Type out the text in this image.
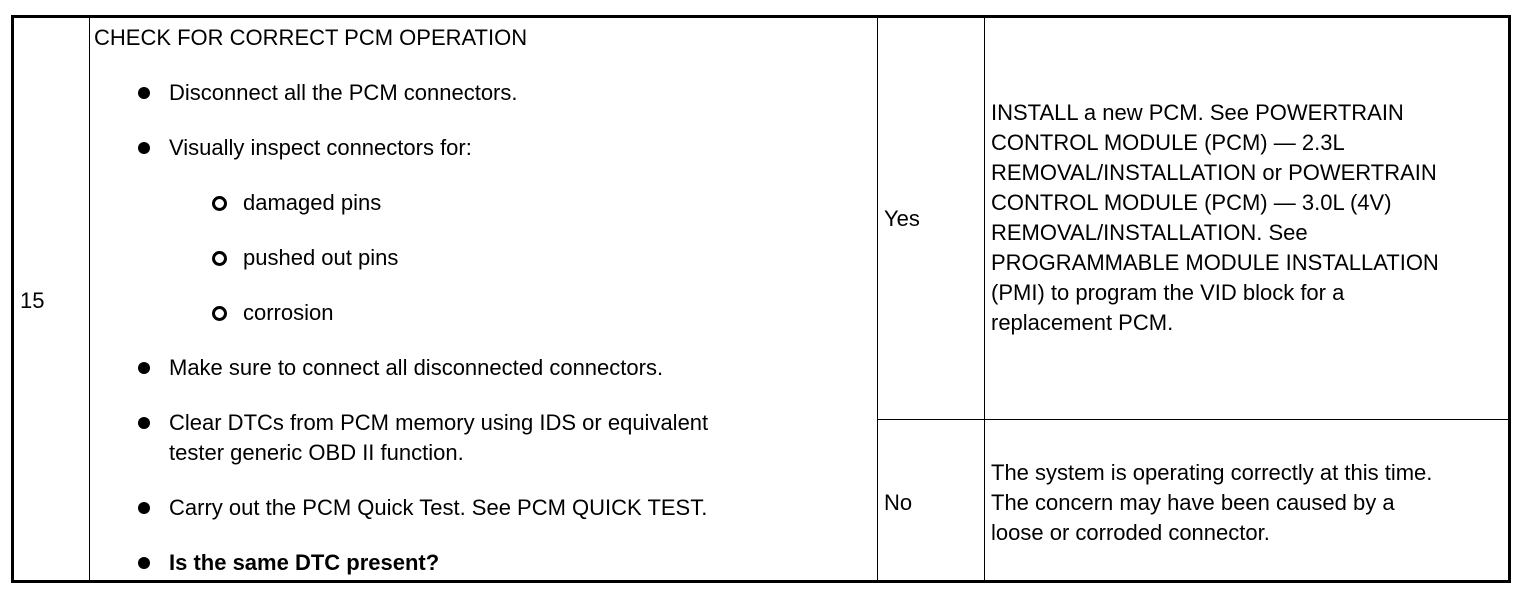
15
CHECK FOR CORRECT PCM OPERATION
Disconnect all the PCM connectors.
Visually inspect connectors for:
damaged pins
pushed out pins
corrosion
Make sure to connect all disconnected connectors.
Clear DTCs from PCM memory using IDS or equivalent
tester generic OBD II function.
Carry out the PCM Quick Test. See PCM QUICK TEST.
Is the same DTC present?
Yes
No
INSTALL a new PCM. See POWERTRAIN
CONTROL MODULE (PCM) — 2.3L
REMOVAL/INSTALLATION or POWERTRAIN
CONTROL MODULE (PCM) — 3.0L (4V)
REMOVAL/INSTALLATION. See
PROGRAMMABLE MODULE INSTALLATION
(PMI) to program the VID block for a
replacement PCM.
The system is operating correctly at this time.
The concern may have been caused by a
loose or corroded connector.
